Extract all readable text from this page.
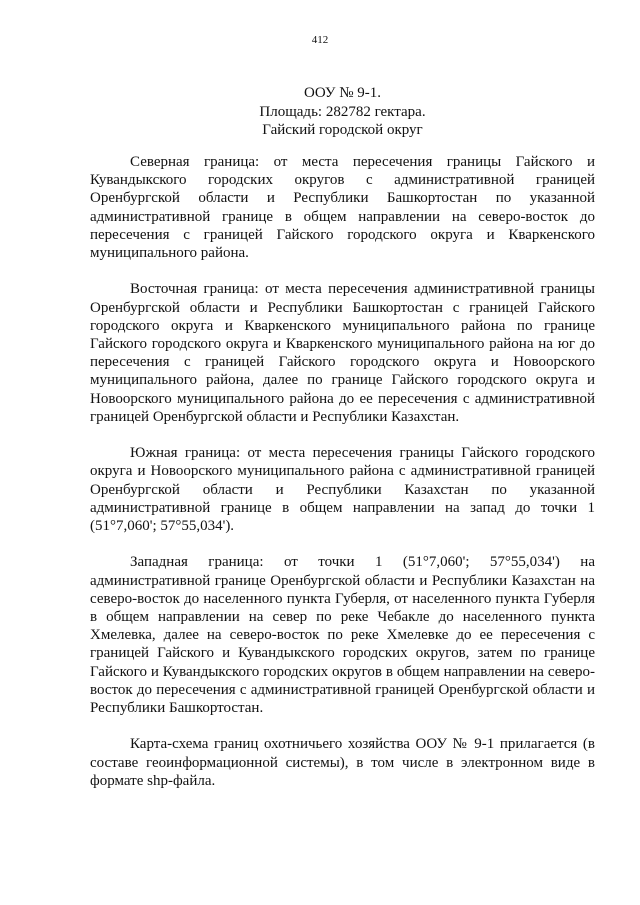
412
ООУ № 9-1.
Площадь: 282782 гектара.
Гайский городской округ

Северная граница: от места пересечения границы Гайского и Кувандыкского городских округов с административной границей Оренбургской области и Республики Башкортостан по указанной административной границе в общем направлении на северо-восток до пересечения с границей Гайского городского округа и Кваркенского муниципального района.

Восточная граница: от места пересечения административной границы Оренбургской области и Республики Башкортостан с границей Гайского городского округа и Кваркенского муниципального района по границе Гайского городского округа и Кваркенского муниципального района на юг до пересечения с границей Гайского городского округа и Новоорского муниципального района, далее по границе Гайского городского округа и Новоорского муниципального района до ее пересечения с административной границей Оренбургской области и Республики Казахстан.

Южная граница: от места пересечения границы Гайского городского округа и Новоорского муниципального района с административной границей Оренбургской области и Республики Казахстан по указанной административной границе в общем направлении на запад до точки 1 (51°7,060'; 57°55,034').

Западная граница: от точки 1 (51°7,060'; 57°55,034') на административной границе Оренбургской области и Республики Казахстан на северо-восток до населенного пункта Губерля, от населенного пункта Губерля в общем направлении на север по реке Чебакле до населенного пункта Хмелевка, далее на северо-восток по реке Хмелевке до ее пересечения с границей Гайского и Кувандыкского городских округов, затем по границе Гайского и Кувандыкского городских округов в общем направлении на северо-восток до пересечения с административной границей Оренбургской области и Республики Башкортостан.

Карта-схема границ охотничьего хозяйства ООУ № 9-1 прилагается (в составе геоинформационной системы), в том числе в электронном виде в формате shp-файла.
